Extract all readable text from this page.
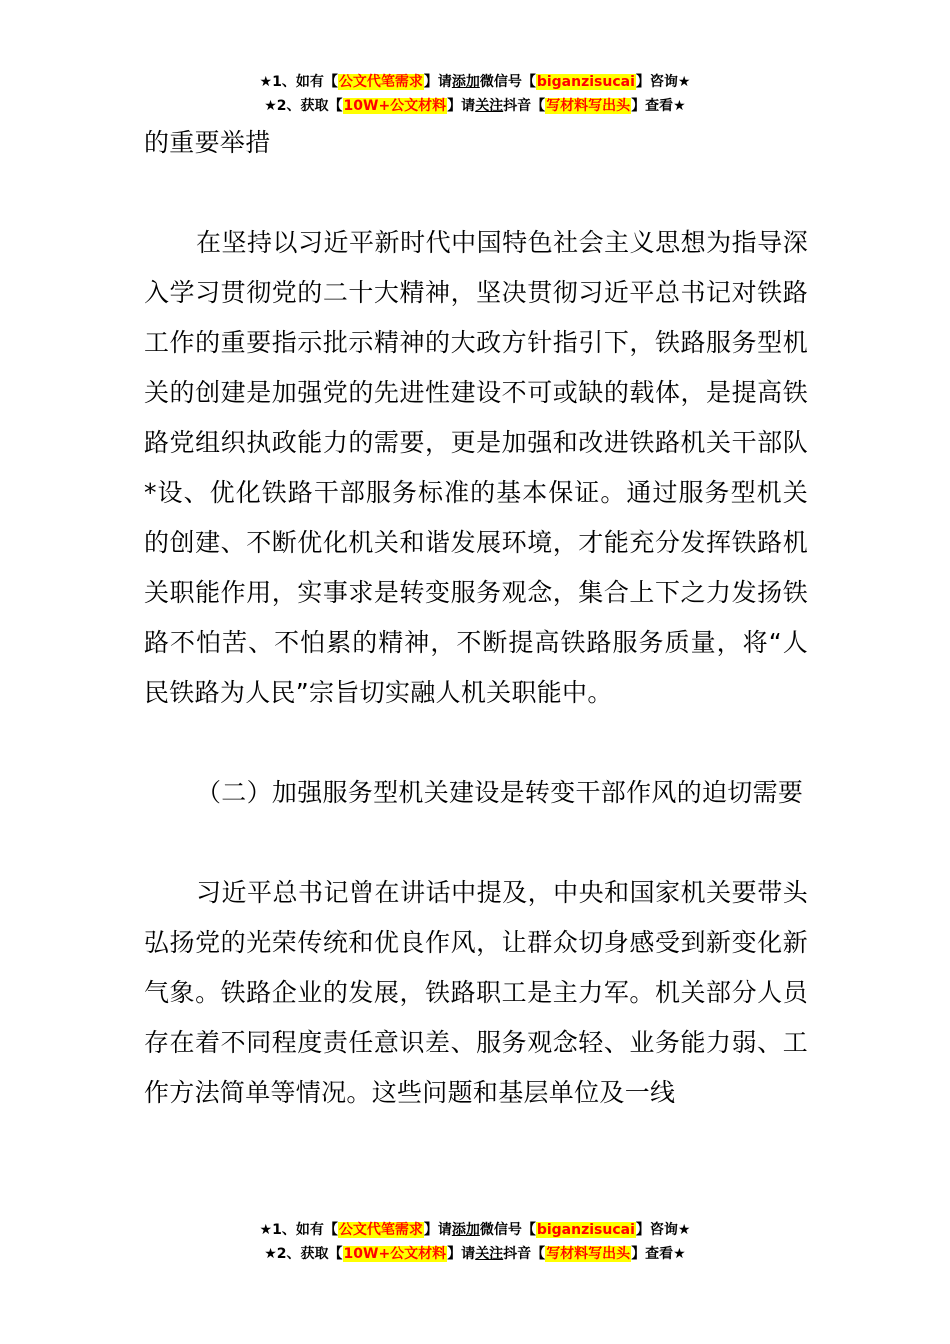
★1、如有【公文代笔需求】请添加微信号【biganzisucai】咨询★
★2、获取【10W+公文材料】请关注抖音【写材料写出头】查看★

的重要举措

在坚持以习近平新时代中国特色社会主义思想为指导深入学习贯彻党的二十大精神，坚决贯彻习近平总书记对铁路工作的重要指示批示精神的大政方针指引下，铁路服务型机关的创建是加强党的先进性建设不可或缺的载体，是提高铁路党组织执政能力的需要，更是加强和改进铁路机关干部队*设、优化铁路干部服务标准的基本保证。通过服务型机关的创建、不断优化机关和谐发展环境，才能充分发挥铁路机关职能作用，实事求是转变服务观念，集合上下之力发扬铁路不怕苦、不怕累的精神，不断提高铁路服务质量，将“人民铁路为人民”宗旨切实融人机关职能中。

（二）加强服务型机关建设是转变干部作风的迫切需要

习近平总书记曾在讲话中提及，中央和国家机关要带头弘扬党的光荣传统和优良作风，让群众切身感受到新变化新气象。铁路企业的发展，铁路职工是主力军。机关部分人员存在着不同程度责任意识差、服务观念轻、业务能力弱、工作方法简单等情况。这些问题和基层单位及一线

★1、如有【公文代笔需求】请添加微信号【biganzisucai】咨询★
★2、获取【10W+公文材料】请关注抖音【写材料写出头】查看★
